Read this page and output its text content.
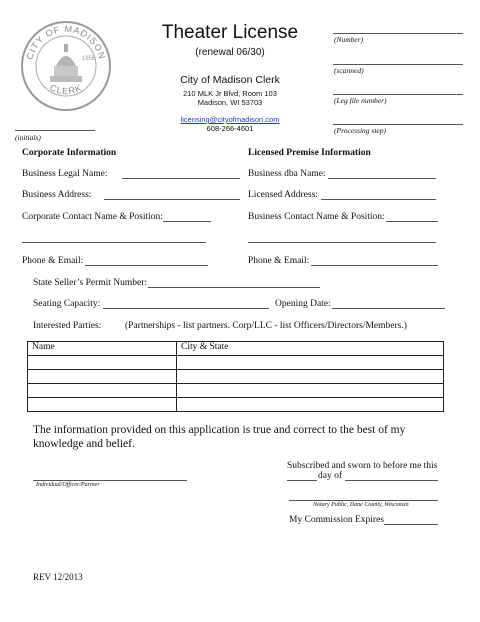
CITY OF MADISON
CLERK
1856
Theater License
(renewal 06/30)
City of Madison Clerk
210 MLK Jr Blvd, Room 103
Madison, WI 53703
licensing@cityofmadison.com
608-266-4601
(Number)
(scanned)
(Leg file number)
(Processing step)
(initials)
Corporate Information
Business Legal Name:
Business Address:
Corporate Contact Name & Position:
Phone & Email:
Licensed Premise Information
Business dba Name:
Licensed Address:
Business Contact Name & Position:
Phone & Email:
State Seller’s Permit Number:
Seating Capacity:	Opening Date:
Interested Parties: (Partnerships - list partners. Corp/LLC - list Officers/Directors/Members.)
Name	City & State

The information provided on this application is true and correct to the best of my knowledge and belief.
Individual/Officer/Partner
Subscribed and sworn to before me this
day of
Notary Public, Dane County, Wisconsin
My Commission Expires
REV 12/2013
